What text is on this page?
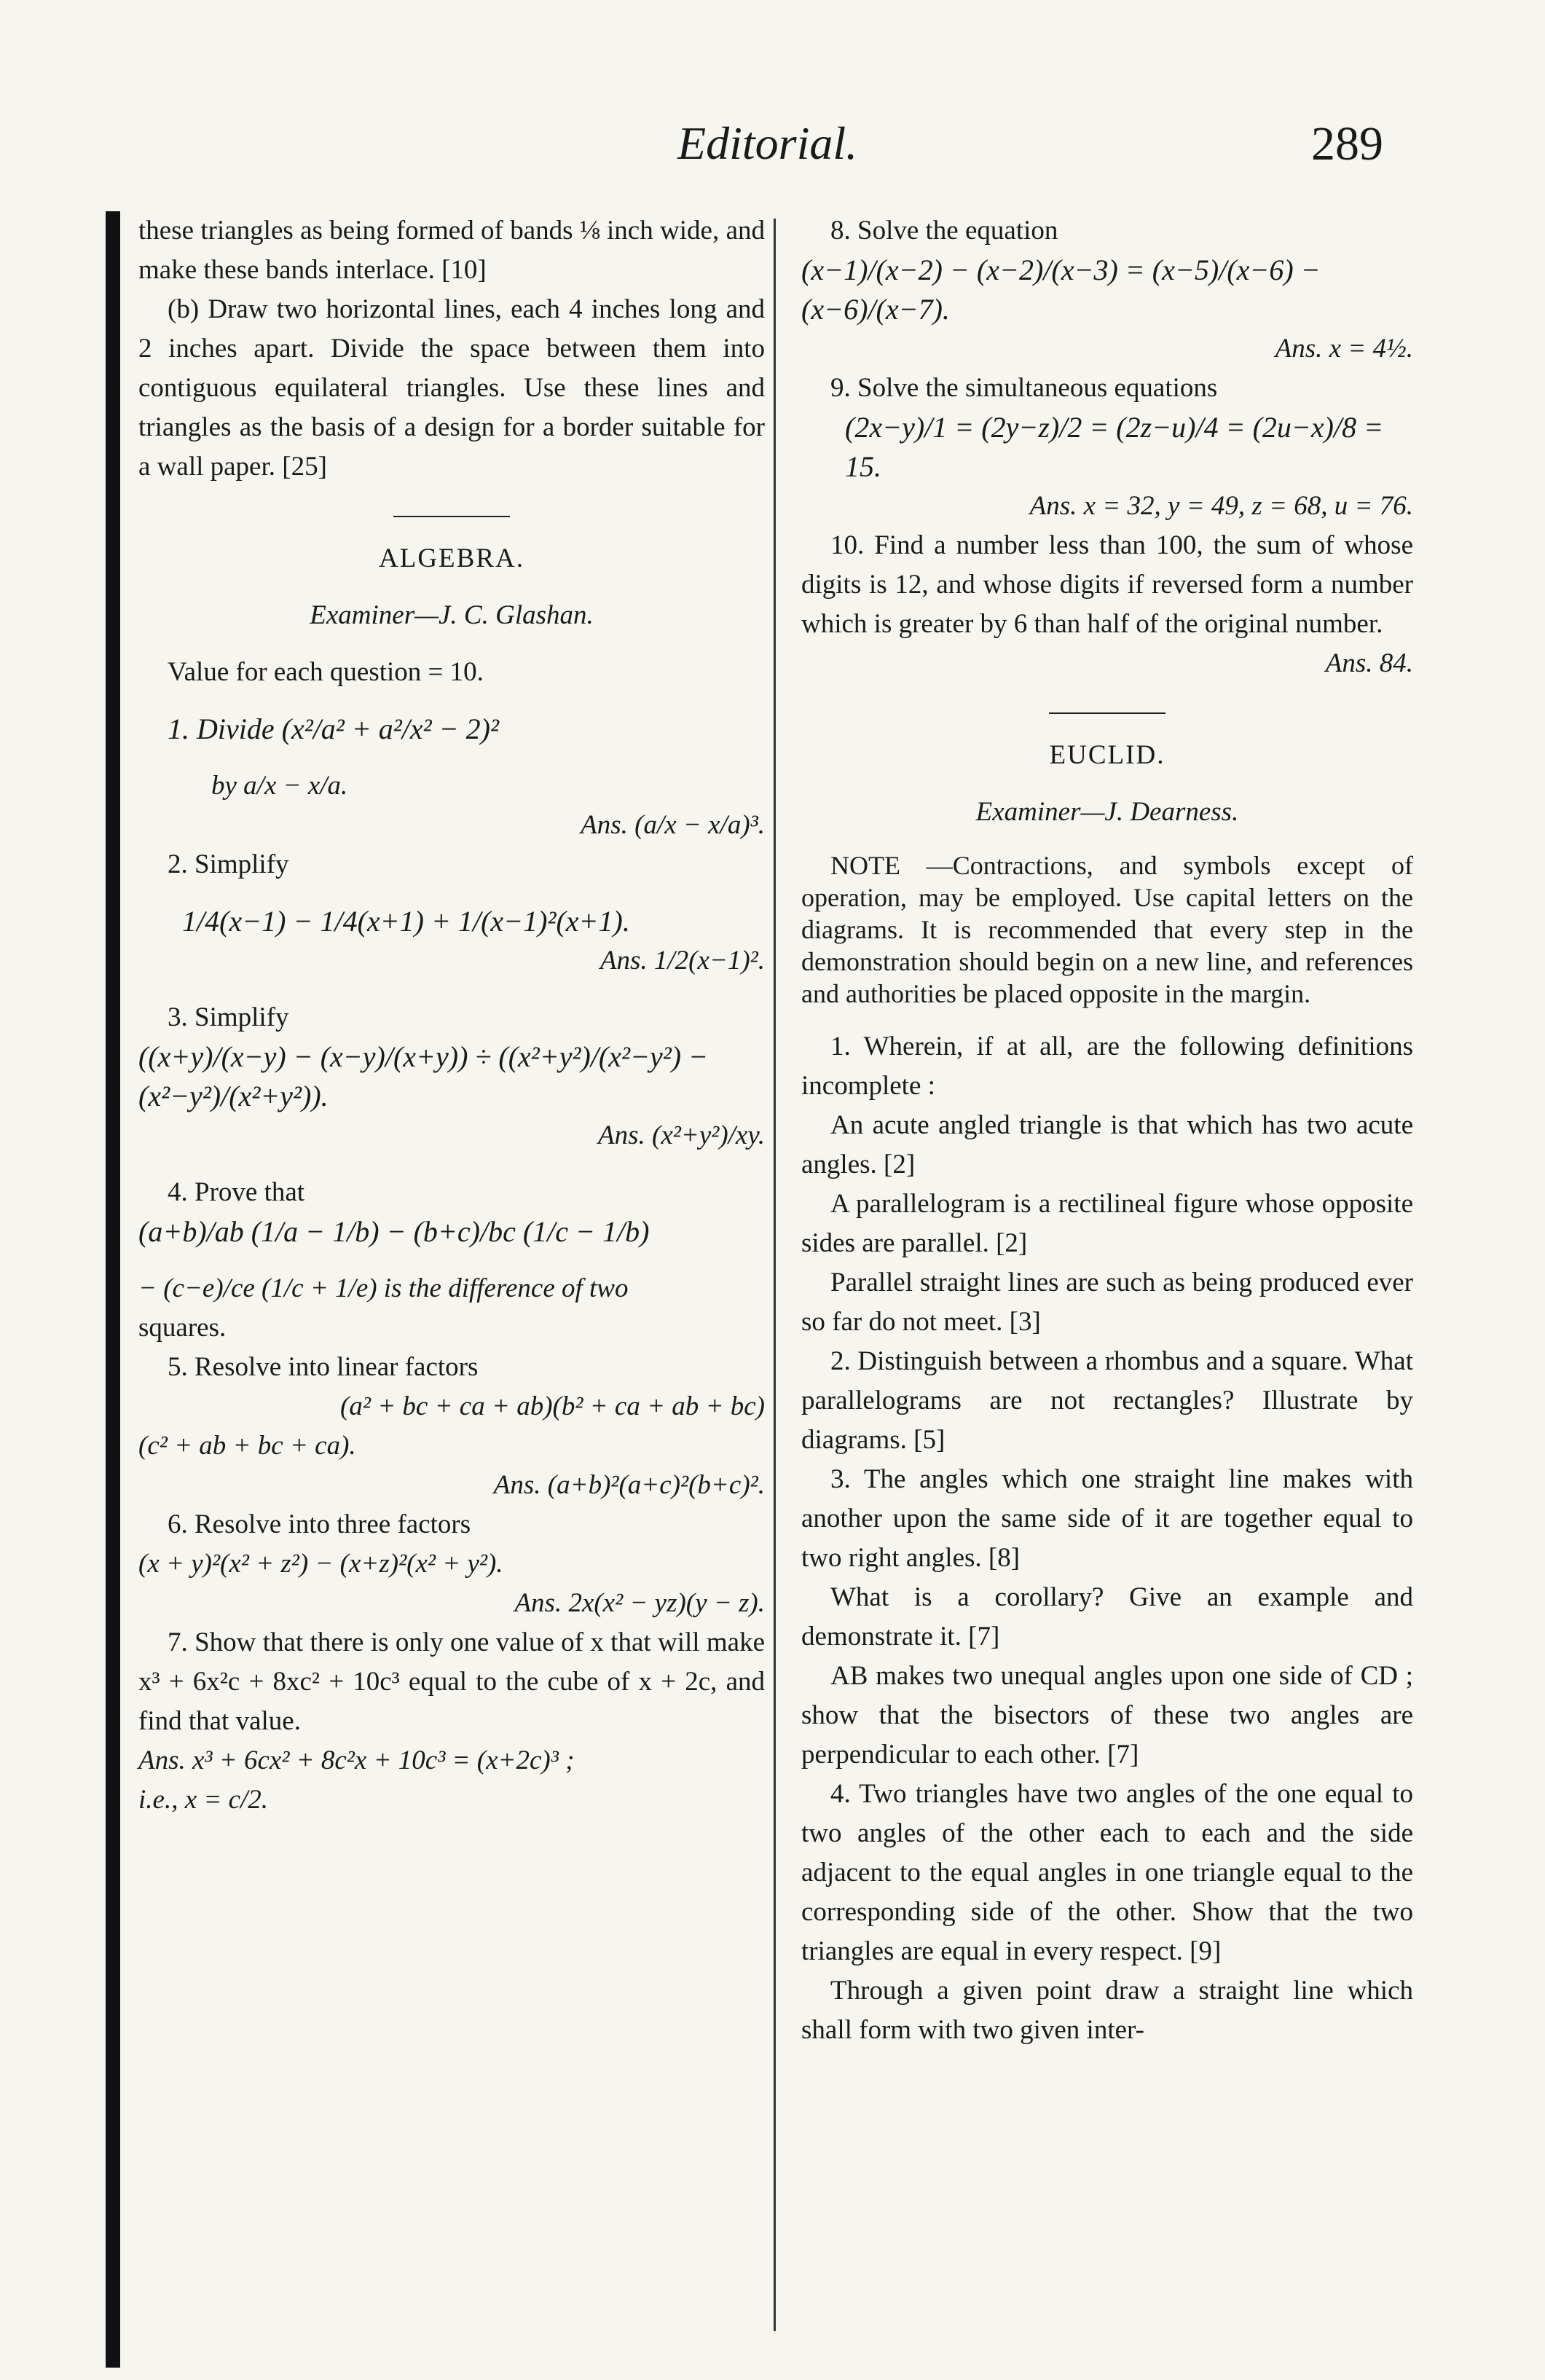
Editorial.	289

these triangles as being formed of bands ⅛ inch wide, and make these bands interlace. [10]

(b) Draw two horizontal lines, each 4 inches long and 2 inches apart. Divide the space between them into contiguous equilateral triangles. Use these lines and triangles as the basis of a design for a border suitable for a wall paper. [25]

ALGEBRA.

Examiner—J. C. Glashan.

Value for each question = 10.

1. Divide (x²/a² + a²/x² − 2)²

by a/x − x/a.

Ans. (a/x − x/a)³.

2. Simplify

1/4(x−1) − 1/4(x+1) + 1/(x−1)²(x+1).

Ans. 1/2(x−1)².

3. Simplify

((x+y)/(x−y) − (x−y)/(x+y)) ÷ ((x²+y²)/(x²−y²) − (x²−y²)/(x²+y²)).

Ans. (x²+y²)/xy.

4. Prove that

(a+b)/ab (1/a − 1/b) − (b+c)/bc (1/c − 1/b)

− (c−e)/ce (1/c + 1/e) is the difference of two

squares.

5. Resolve into linear factors

(a² + bc + ca + ab)(b² + ca + ab + bc)

(c² + ab + bc + ca).

Ans. (a+b)²(a+c)²(b+c)².

6. Resolve into three factors

(x + y)²(x² + z²) − (x+z)²(x² + y²).

Ans. 2x(x² − yz)(y − z).

7. Show that there is only one value of x that will make x³ + 6x²c + 8xc² + 10c³ equal to the cube of x + 2c, and find that value.

Ans. x³ + 6cx² + 8c²x + 10c³ = (x+2c)³ ;

i.e., x = c/2.

8. Solve the equation

(x−1)/(x−2) − (x−2)/(x−3) = (x−5)/(x−6) − (x−6)/(x−7).

Ans. x = 4½.

9. Solve the simultaneous equations

(2x−y)/1 = (2y−z)/2 = (2z−u)/4 = (2u−x)/8 = 15.

Ans. x = 32, y = 49, z = 68, u = 76.

10. Find a number less than 100, the sum of whose digits is 12, and whose digits if reversed form a number which is greater by 6 than half of the original number.

Ans. 84.

EUCLID.

Examiner—J. Dearness.

NOTE —Contractions, and symbols except of operation, may be employed. Use capital letters on the diagrams. It is recommended that every step in the demonstration should begin on a new line, and references and authorities be placed opposite in the margin.

1. Wherein, if at all, are the following definitions incomplete :

An acute angled triangle is that which has two acute angles. [2]

A parallelogram is a rectilineal figure whose opposite sides are parallel. [2]

Parallel straight lines are such as being produced ever so far do not meet. [3]

2. Distinguish between a rhombus and a square. What parallelograms are not rectangles? Illustrate by diagrams. [5]

3. The angles which one straight line makes with another upon the same side of it are together equal to two right angles. [8]

What is a corollary? Give an example and demonstrate it. [7]

AB makes two unequal angles upon one side of CD ; show that the bisectors of these two angles are perpendicular to each other. [7]

4. Two triangles have two angles of the one equal to two angles of the other each to each and the side adjacent to the equal angles in one triangle equal to the corresponding side of the other. Show that the two triangles are equal in every respect. [9]

Through a given point draw a straight line which shall form with two given inter-
